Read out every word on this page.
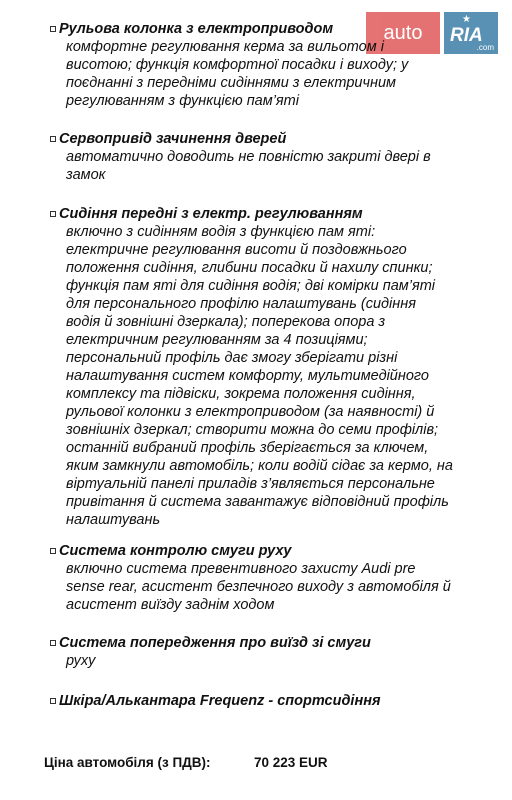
auto
★
RIA
.com
Рульова колонка з електроприводом
комфортне регулювання керма за вильотом і
висотою; функція комфортної посадки і виходу; у
поєднанні з передніми сидіннями з електричним
регулюванням з функцією пам’яті
Сервопривід зачинення дверей
автоматично доводить не повністю закриті двері в
замок
Сидіння передні з електр. регулюванням
включно з сидінням водія з функцією пам яті:
електричне регулювання висоти й поздовжнього
положення сидіння, глибини посадки й нахилу спинки;
функція пам яті для сидіння водія; дві комірки пам’яті
для персонального профілю налаштувань (сидіння
водія й зовнішні дзеркала); поперекова опора з
електричним регулюванням за 4 позиціями;
персональний профіль дає змогу зберігати різні
налаштування систем комфорту, мультимедійного
комплексу та підвіски, зокрема положення сидіння,
рульової колонки з електроприводом (за наявності) й
зовнішніх дзеркал; створити можна до семи профілів;
останній вибраний профіль зберігається за ключем,
яким замкнули автомобіль; коли водій сідає за кермо, на
віртуальній панелі приладів з’являється персональне
привітання й система завантажує відповідний профіль
налаштувань
Система контролю смуги руху
включно система превентивного захисту Audi pre
sense rear, асистент безпечного виходу з автомобіля й
асистент виїзду заднім ходом
Система попередження про виїзд зі смуги
руху
Шкіра/Алькантара Frequenz - спортсидіння
Ціна автомобіля (з ПДВ):	70 223 EUR
